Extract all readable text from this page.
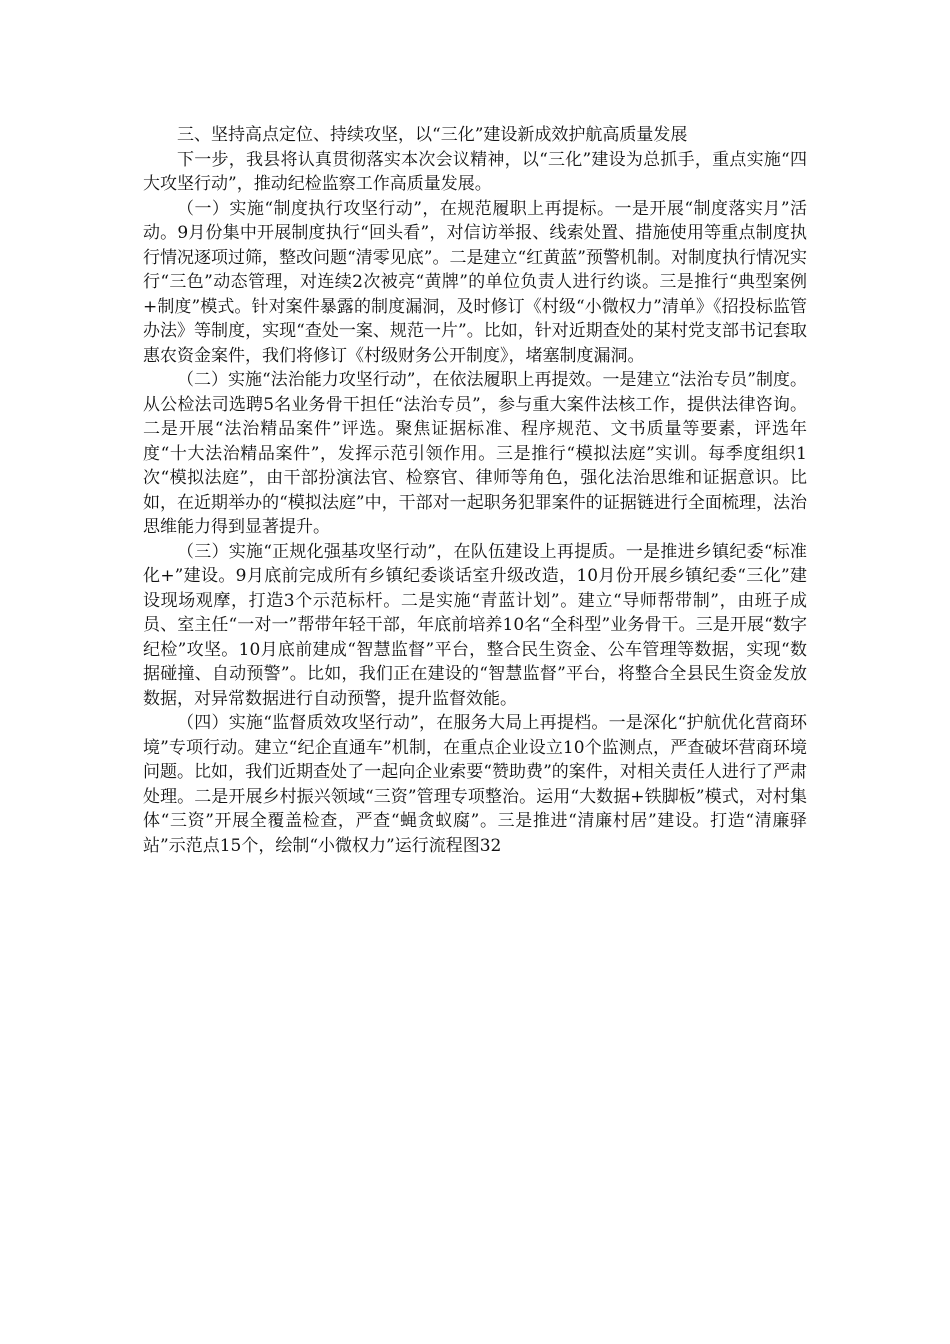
三、坚持高点定位、持续攻坚，以“三化”建设新成效护航高质量发展

下一步，我县将认真贯彻落实本次会议精神，以“三化”建设为总抓手，重点实施“四大攻坚行动”，推动纪检监察工作高质量发展。

（一）实施“制度执行攻坚行动”，在规范履职上再提标。一是开展“制度落实月”活动。9月份集中开展制度执行“回头看”，对信访举报、线索处置、措施使用等重点制度执行情况逐项过筛，整改问题“清零见底”。二是建立“红黄蓝”预警机制。对制度执行情况实行“三色”动态管理，对连续2次被亮“黄牌”的单位负责人进行约谈。三是推行“典型案例+制度”模式。针对案件暴露的制度漏洞，及时修订《村级“小微权力”清单》《招投标监管办法》等制度，实现“查处一案、规范一片”。比如，针对近期查处的某村党支部书记套取惠农资金案件，我们将修订《村级财务公开制度》，堵塞制度漏洞。

（二）实施“法治能力攻坚行动”，在依法履职上再提效。一是建立“法治专员”制度。从公检法司选聘5名业务骨干担任“法治专员”，参与重大案件法核工作，提供法律咨询。二是开展“法治精品案件”评选。聚焦证据标准、程序规范、文书质量等要素，评选年度“十大法治精品案件”，发挥示范引领作用。三是推行“模拟法庭”实训。每季度组织1次“模拟法庭”，由干部扮演法官、检察官、律师等角色，强化法治思维和证据意识。比如，在近期举办的“模拟法庭”中，干部对一起职务犯罪案件的证据链进行全面梳理，法治思维能力得到显著提升。

（三）实施“正规化强基攻坚行动”，在队伍建设上再提质。一是推进乡镇纪委“标准化+”建设。9月底前完成所有乡镇纪委谈话室升级改造，10月份开展乡镇纪委“三化”建设现场观摩，打造3个示范标杆。二是实施“青蓝计划”。建立“导师帮带制”，由班子成员、室主任“一对一”帮带年轻干部，年底前培养10名“全科型”业务骨干。三是开展“数字纪检”攻坚。10月底前建成“智慧监督”平台，整合民生资金、公车管理等数据，实现“数据碰撞、自动预警”。比如，我们正在建设的“智慧监督”平台，将整合全县民生资金发放数据，对异常数据进行自动预警，提升监督效能。

（四）实施“监督质效攻坚行动”，在服务大局上再提档。一是深化“护航优化营商环境”专项行动。建立“纪企直通车”机制，在重点企业设立10个监测点，严查破坏营商环境问题。比如，我们近期查处了一起向企业索要“赞助费”的案件，对相关责任人进行了严肃处理。二是开展乡村振兴领域“三资”管理专项整治。运用“大数据+铁脚板”模式，对村集体“三资”开展全覆盖检查，严查“蝇贪蚁腐”。三是推进“清廉村居”建设。打造“清廉驿站”示范点15个，绘制“小微权力”运行流程图32
